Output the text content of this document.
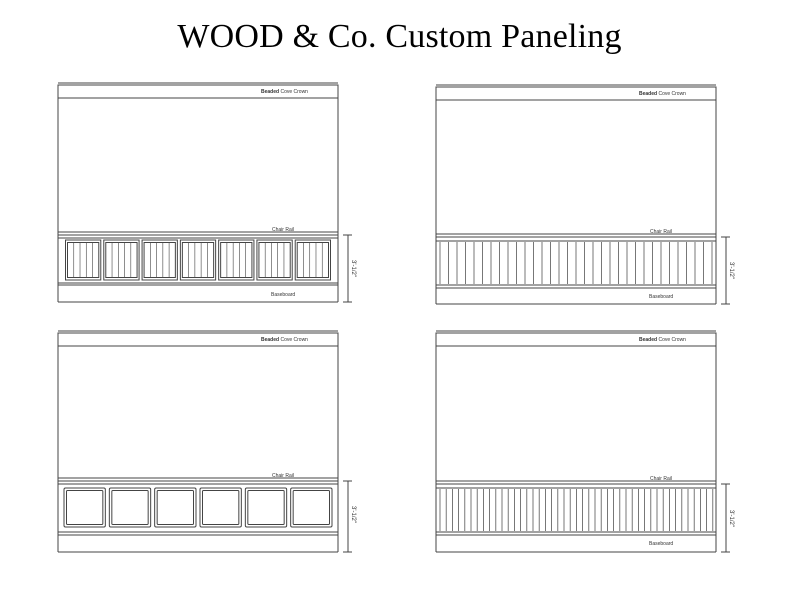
WOOD & Co. Custom Paneling
Beaded Cove Crown
Chair Rail
Baseboard
3'-1/2"
Beaded Cove Crown
Chair Rail
Baseboard
3'-1/2"
Beaded Cove Crown
Chair Rail
3'-1/2"
Beaded Cove Crown
Chair Rail
Baseboard
3'-1/2"
